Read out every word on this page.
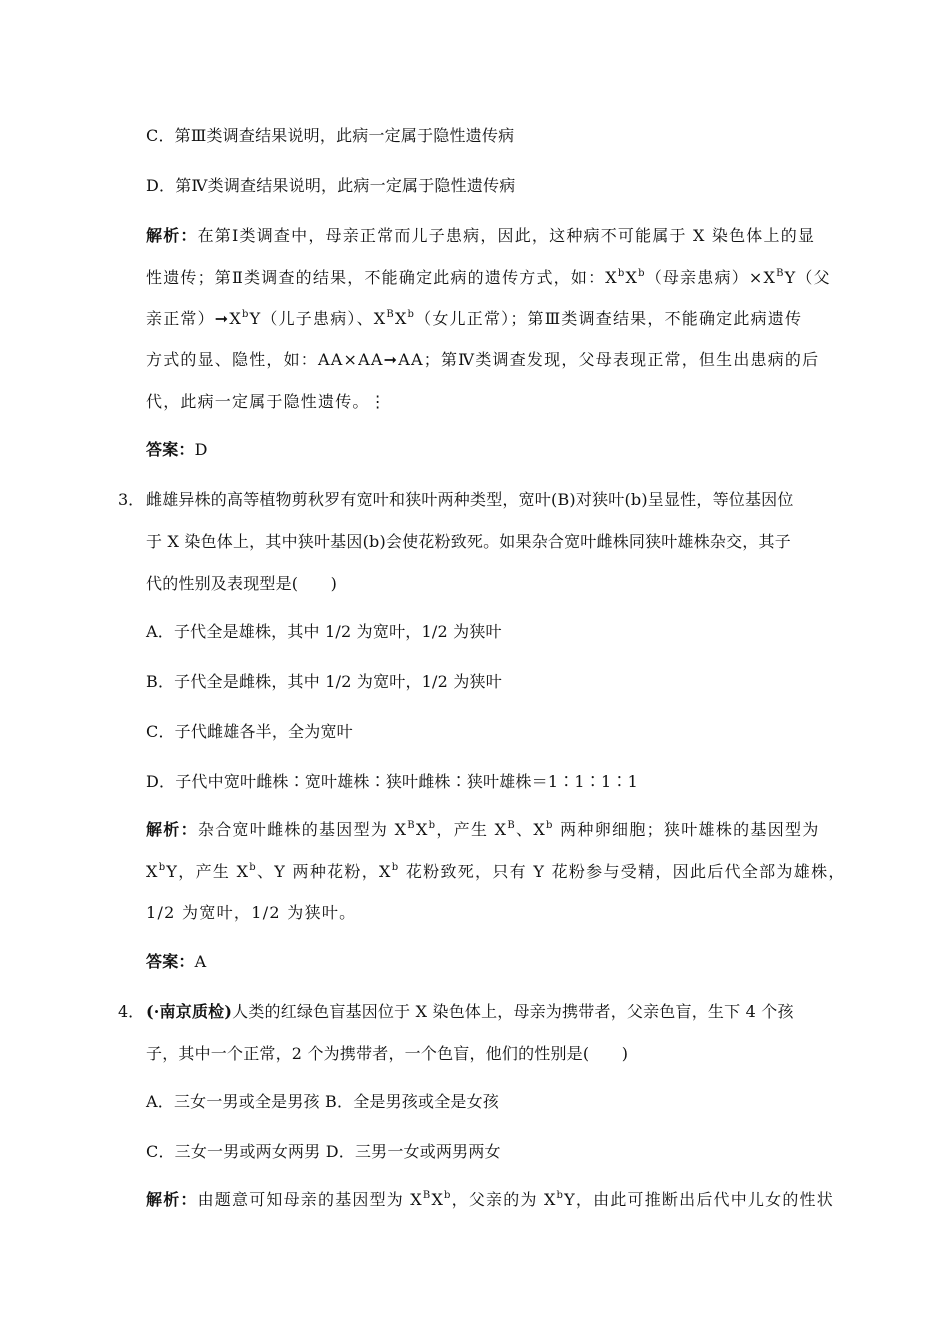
C．第Ⅲ类调查结果说明，此病一定属于隐性遗传病
D．第Ⅳ类调查结果说明，此病一定属于隐性遗传病
解析：在第Ⅰ类调查中，母亲正常而儿子患病，因此，这种病不可能属于 X 染色体上的显
性遗传；第Ⅱ类调查的结果，不能确定此病的遗传方式，如：$X^bX^b$（母亲患病）$\times X^BY$（父
亲正常）$➞X^bY$（儿子患病）、$X^BX^b$（女儿正常）；第Ⅲ类调查结果，不能确定此病遗传
方式的显、隐性，如：AA×AA➞AA；第Ⅳ类调查发现，父母表现正常，但生出患病的后
代，此病一定属于隐性遗传。⋮
答案：D
3． 雌雄异株的高等植物剪秋罗有宽叶和狭叶两种类型，宽叶(B)对狭叶(b)呈显性，等位基因位
于 X 染色体上，其中狭叶基因(b)会使花粉致死。如果杂合宽叶雌株同狭叶雄株杂交，其子
代的性别及表现型是(　　)
A．子代全是雄株，其中 1/2 为宽叶，1/2 为狭叶
B．子代全是雌株，其中 1/2 为宽叶，1/2 为狭叶
C．子代雌雄各半，全为宽叶
D．子代中宽叶雌株∶宽叶雄株∶狭叶雌株∶狭叶雄株＝1∶1∶1∶1
解析：杂合宽叶雌株的基因型为 $X^BX^b$，产生 $X^B$、$X^b$ 两种卵细胞；狭叶雄株的基因型为
$X^bY$，产生 $X^b$、Y 两种花粉，$X^b$ 花粉致死，只有 Y 花粉参与受精，因此后代全部为雄株，
1/2 为宽叶，1/2 为狭叶。
答案：A
4． (·南京质检)人类的红绿色盲基因位于 X 染色体上，母亲为携带者，父亲色盲，生下 4 个孩
子，其中一个正常，2 个为携带者，一个色盲，他们的性别是(　　)
A．三女一男或全是男孩 B．全是男孩或全是女孩
C．三女一男或两女两男 D．三男一女或两男两女
解析：由题意可知母亲的基因型为 $X^BX^b$，父亲的为 $X^bY$，由此可推断出后代中儿女的性状
